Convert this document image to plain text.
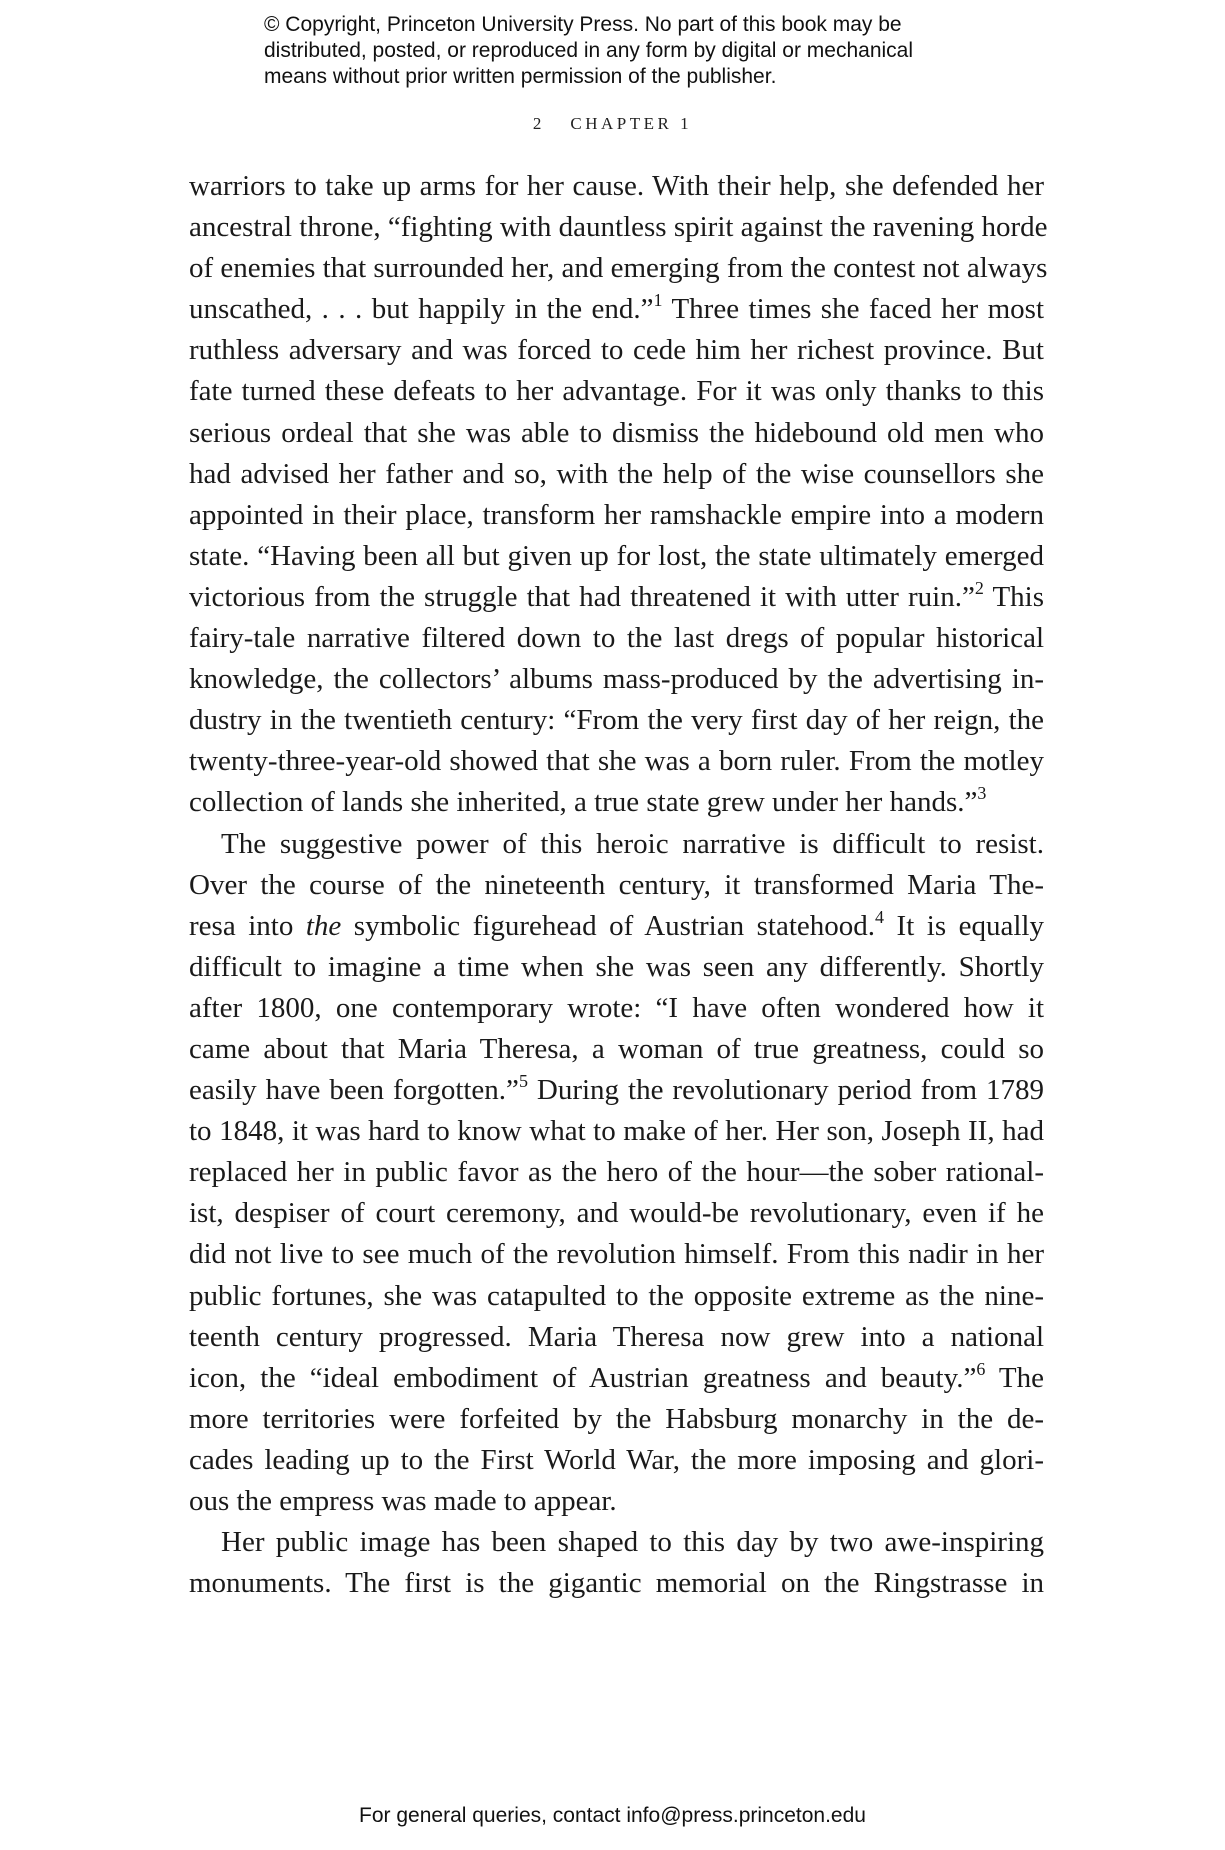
© Copyright, Princeton University Press. No part of this book may be
distributed, posted, or reproduced in any form by digital or mechanical
means without prior written permission of the publisher.
2 CHAPTER 1
warriors to take up arms for her cause. With their help, she defended her
ancestral throne, “fighting with dauntless spirit against the ravening horde
of enemies that surrounded her, and emerging from the contest not always
unscathed, . . . but happily in the end.”$^1$ Three times she faced her most
ruthless adversary and was forced to cede him her richest province. But
fate turned these defeats to her advantage. For it was only thanks to this
serious ordeal that she was able to dismiss the hidebound old men who
had advised her father and so, with the help of the wise counsellors she
appointed in their place, transform her ramshackle empire into a modern
state. “Having been all but given up for lost, the state ultimately emerged
victorious from the struggle that had threatened it with utter ruin.”$^2$ This
fairy-tale narrative filtered down to the last dregs of popular historical
knowledge, the collectors’ albums mass-produced by the advertising in-
dustry in the twentieth century: “From the very first day of her reign, the
twenty-three-year-old showed that she was a born ruler. From the motley
collection of lands she inherited, a true state grew under her hands.”$^3$
The suggestive power of this heroic narrative is difficult to resist.
Over the course of the nineteenth century, it transformed Maria The-
resa into the symbolic figurehead of Austrian statehood.$^4$ It is equally
difficult to imagine a time when she was seen any differently. Shortly
after 1800, one contemporary wrote: “I have often wondered how it
came about that Maria Theresa, a woman of true greatness, could so
easily have been forgotten.”$^5$ During the revolutionary period from 1789
to 1848, it was hard to know what to make of her. Her son, Joseph II, had
replaced her in public favor as the hero of the hour—the sober rational-
ist, despiser of court ceremony, and would-be revolutionary, even if he
did not live to see much of the revolution himself. From this nadir in her
public fortunes, she was catapulted to the opposite extreme as the nine-
teenth century progressed. Maria Theresa now grew into a national
icon, the “ideal embodiment of Austrian greatness and beauty.”$^6$ The
more territories were forfeited by the Habsburg monarchy in the de-
cades leading up to the First World War, the more imposing and glori-
ous the empress was made to appear.
Her public image has been shaped to this day by two awe-inspiring
monuments. The first is the gigantic memorial on the Ringstrasse in
For general queries, contact info@press.princeton.edu
